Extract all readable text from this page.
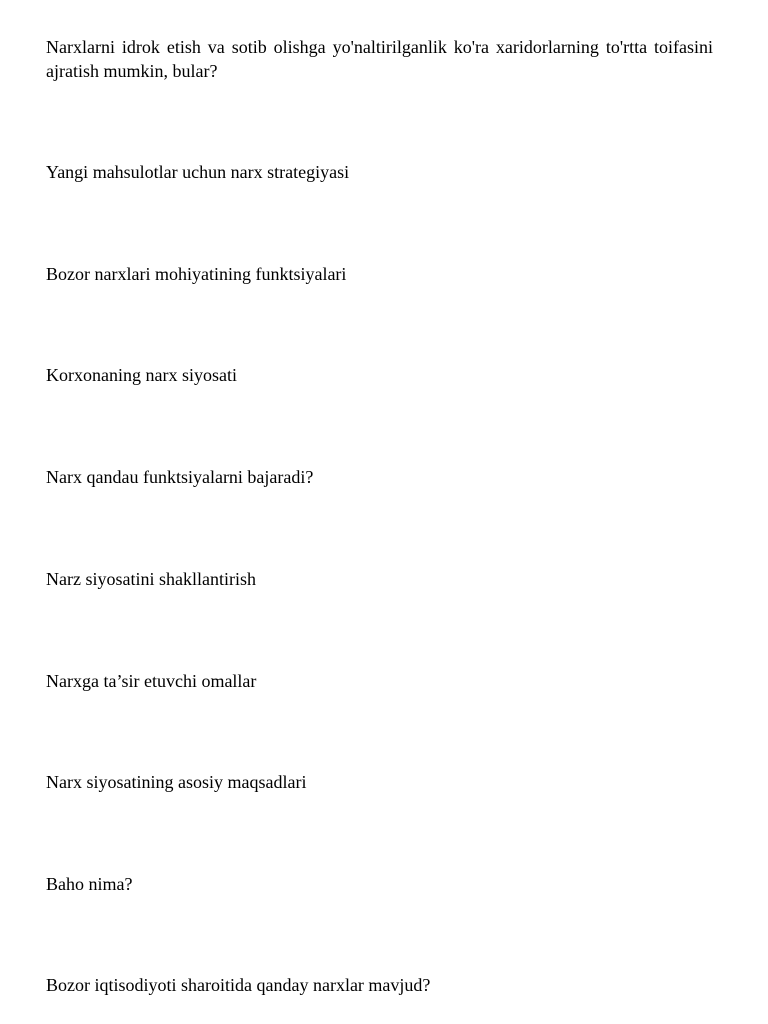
Narxlarni idrok etish va sotib olishga yo'naltirilganlik ko'ra xaridorlarning to'rtta toifasini ajratish mumkin, bular?

Yangi mahsulotlar uchun narx strategiyasi

Bozor narxlari mohiyatining funktsiyalari

Korxonaning narx siyosati

Narx qandau funktsiyalarni bajaradi?

Narz siyosatini shakllantirish

Narxga ta’sir etuvchi omallar

Narx siyosatining asosiy maqsadlari

Baho nima?

Bozor iqtisodiyoti sharoitida qanday narxlar mavjud?
